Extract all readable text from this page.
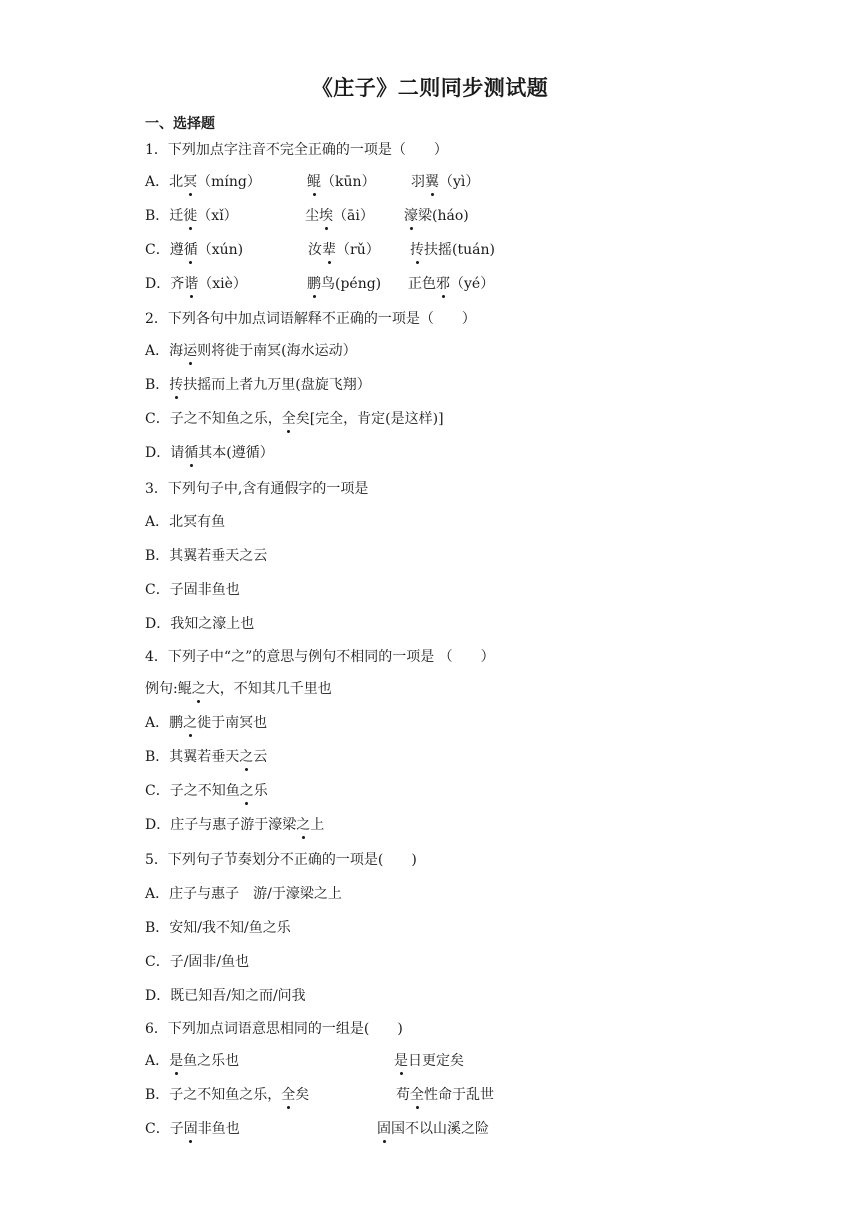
《庄子》二则同步测试题
一、选择题
1．下列加点字注音不完全正确的一项是（　　）
A．北冥（míng）	鲲（kūn）	羽翼（yì）
B．迁徙（xǐ）	尘埃（āi） 濠梁(háo)
C．遵循（xún)	汝辈（rǔ） 抟扶摇(tuán)
D．齐谐（xiè）	鹏鸟(péng) 正色邪（yé）
2．下列各句中加点词语解释不正确的一项是（　　）
A．海运则将徙于南冥(海水运动）
B．抟扶摇而上者九万里(盘旋飞翔）
C．子之不知鱼之乐，全矣[完全，肯定(是这样)]
D．请循其本(遵循）
3．下列句子中,含有通假字的一项是
A．北冥有鱼
B．其翼若垂天之云
C．子固非鱼也
D．我知之濠上也
4．下列子中“之”的意思与例句不相同的一项是 （　　）
例句:鲲之大，不知其几千里也
A．鹏之徙于南冥也
B．其翼若垂天之云
C．子之不知鱼之乐
D．庄子与惠子游于濠梁之上
5．下列句子节奏划分不正确的一项是(　　)
A．庄子与惠子　游/于濠梁之上
B．安知/我不知/鱼之乐
C．子/固非/鱼也
D．既已知吾/知之而/问我
6．下列加点词语意思相同的一组是(　　)
A．是鱼之乐也	是日更定矣
B．子之不知鱼之乐，全矣	苟全性命于乱世
C．子固非鱼也	固国不以山溪之险
